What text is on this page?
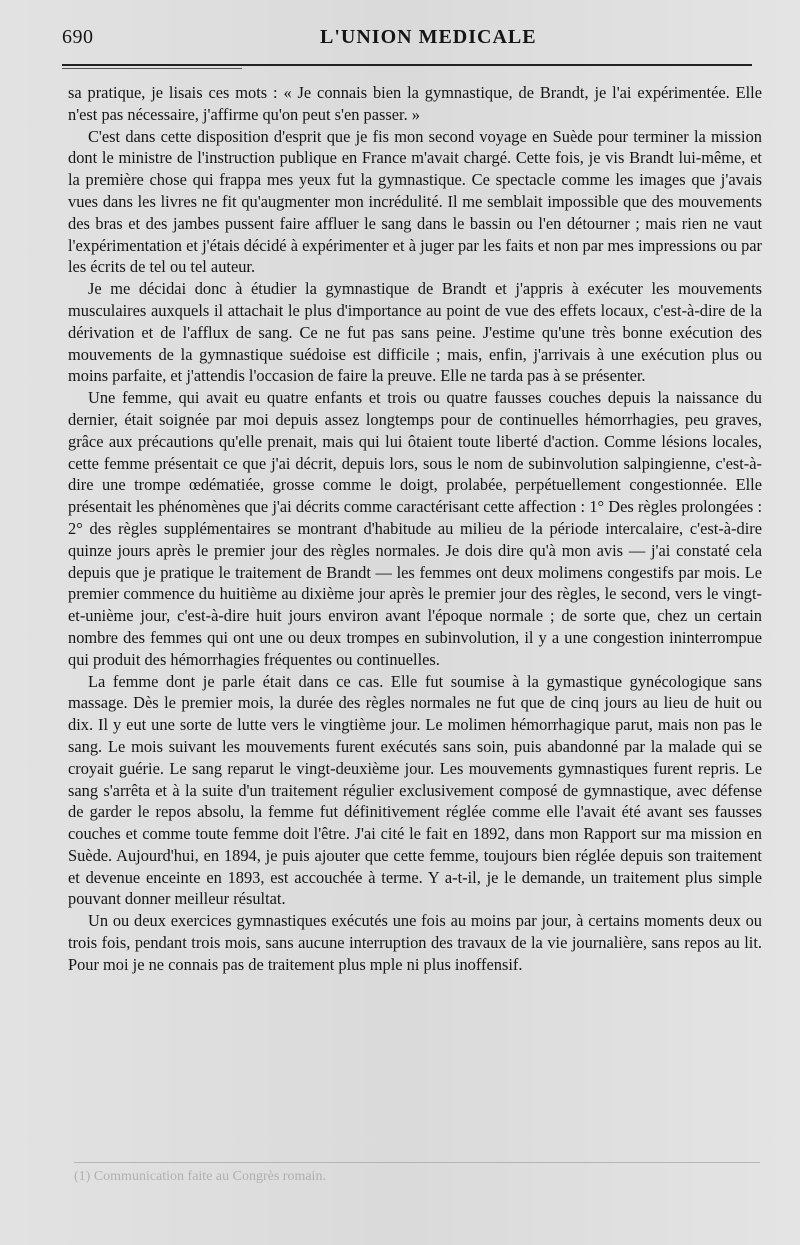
690	L'UNION MEDICALE

sa pratique, je lisais ces mots : « Je connais bien la gymnastique, de Brandt, je l'ai expérimentée. Elle n'est pas nécessaire, j'affirme qu'on peut s'en passer. »

C'est dans cette disposition d'esprit que je fis mon second voyage en Suède pour terminer la mission dont le ministre de l'instruction publique en France m'avait chargé. Cette fois, je vis Brandt lui-même, et la première chose qui frappa mes yeux fut la gymnastique. Ce spectacle comme les images que j'avais vues dans les livres ne fit qu'augmenter mon incrédulité. Il me semblait impossible que des mouvements des bras et des jambes pussent faire affluer le sang dans le bassin ou l'en détourner ; mais rien ne vaut l'expérimentation et j'étais décidé à expérimenter et à juger par les faits et non par mes impressions ou par les écrits de tel ou tel auteur.

Je me décidai donc à étudier la gymnastique de Brandt et j'appris à exécuter les mouvements musculaires auxquels il attachait le plus d'importance au point de vue des effets locaux, c'est-à-dire de la dérivation et de l'afflux de sang. Ce ne fut pas sans peine. J'estime qu'une très bonne exécution des mouvements de la gymnastique suédoise est difficile ; mais, enfin, j'arrivais à une exécution plus ou moins parfaite, et j'attendis l'occasion de faire la preuve. Elle ne tarda pas à se présenter.

Une femme, qui avait eu quatre enfants et trois ou quatre fausses couches depuis la naissance du dernier, était soignée par moi depuis assez longtemps pour de continuelles hémorrhagies, peu graves, grâce aux précautions qu'elle prenait, mais qui lui ôtaient toute liberté d'action. Comme lésions locales, cette femme présentait ce que j'ai décrit, depuis lors, sous le nom de subinvolution salpingienne, c'est-à-dire une trompe œdématiée, grosse comme le doigt, prolabée, perpétuellement congestionnée. Elle présentait les phénomènes que j'ai décrits comme caractérisant cette affection : 1° Des règles prolongées : 2° des règles supplémentaires se montrant d'habitude au milieu de la période intercalaire, c'est-à-dire quinze jours après le premier jour des règles normales. Je dois dire qu'à mon avis — j'ai constaté cela depuis que je pratique le traitement de Brandt — les femmes ont deux molimens congestifs par mois. Le premier commence du huitième au dixième jour après le premier jour des règles, le second, vers le vingt-et-unième jour, c'est-à-dire huit jours environ avant l'époque normale ; de sorte que, chez un certain nombre des femmes qui ont une ou deux trompes en subinvolution, il y a une congestion ininterrompue qui produit des hémorrhagies fréquentes ou continuelles.

La femme dont je parle était dans ce cas. Elle fut soumise à la gymastique gynécologique sans massage. Dès le premier mois, la durée des règles normales ne fut que de cinq jours au lieu de huit ou dix. Il y eut une sorte de lutte vers le vingtième jour. Le molimen hémorrhagique parut, mais non pas le sang. Le mois suivant les mouvements furent exécutés sans soin, puis abandonné par la malade qui se croyait guérie. Le sang reparut le vingt-deuxième jour. Les mouvements gymnastiques furent repris. Le sang s'arrêta et à la suite d'un traitement régulier exclusivement composé de gymnastique, avec défense de garder le repos absolu, la femme fut définitivement réglée comme elle l'avait été avant ses fausses couches et comme toute femme doit l'être. J'ai cité le fait en 1892, dans mon Rapport sur ma mission en Suède. Aujourd'hui, en 1894, je puis ajouter que cette femme, toujours bien réglée depuis son traitement et devenue enceinte en 1893, est accouchée à terme. Y a-t-il, je le demande, un traitement plus simple pouvant donner meilleur résultat.

Un ou deux exercices gymnastiques exécutés une fois au moins par jour, à certains moments deux ou trois fois, pendant trois mois, sans aucune interruption des travaux de la vie journalière, sans repos au lit. Pour moi je ne connais pas de traitement plus mple ni plus inoffensif.

(1) Communication faite au Congrès romain.
